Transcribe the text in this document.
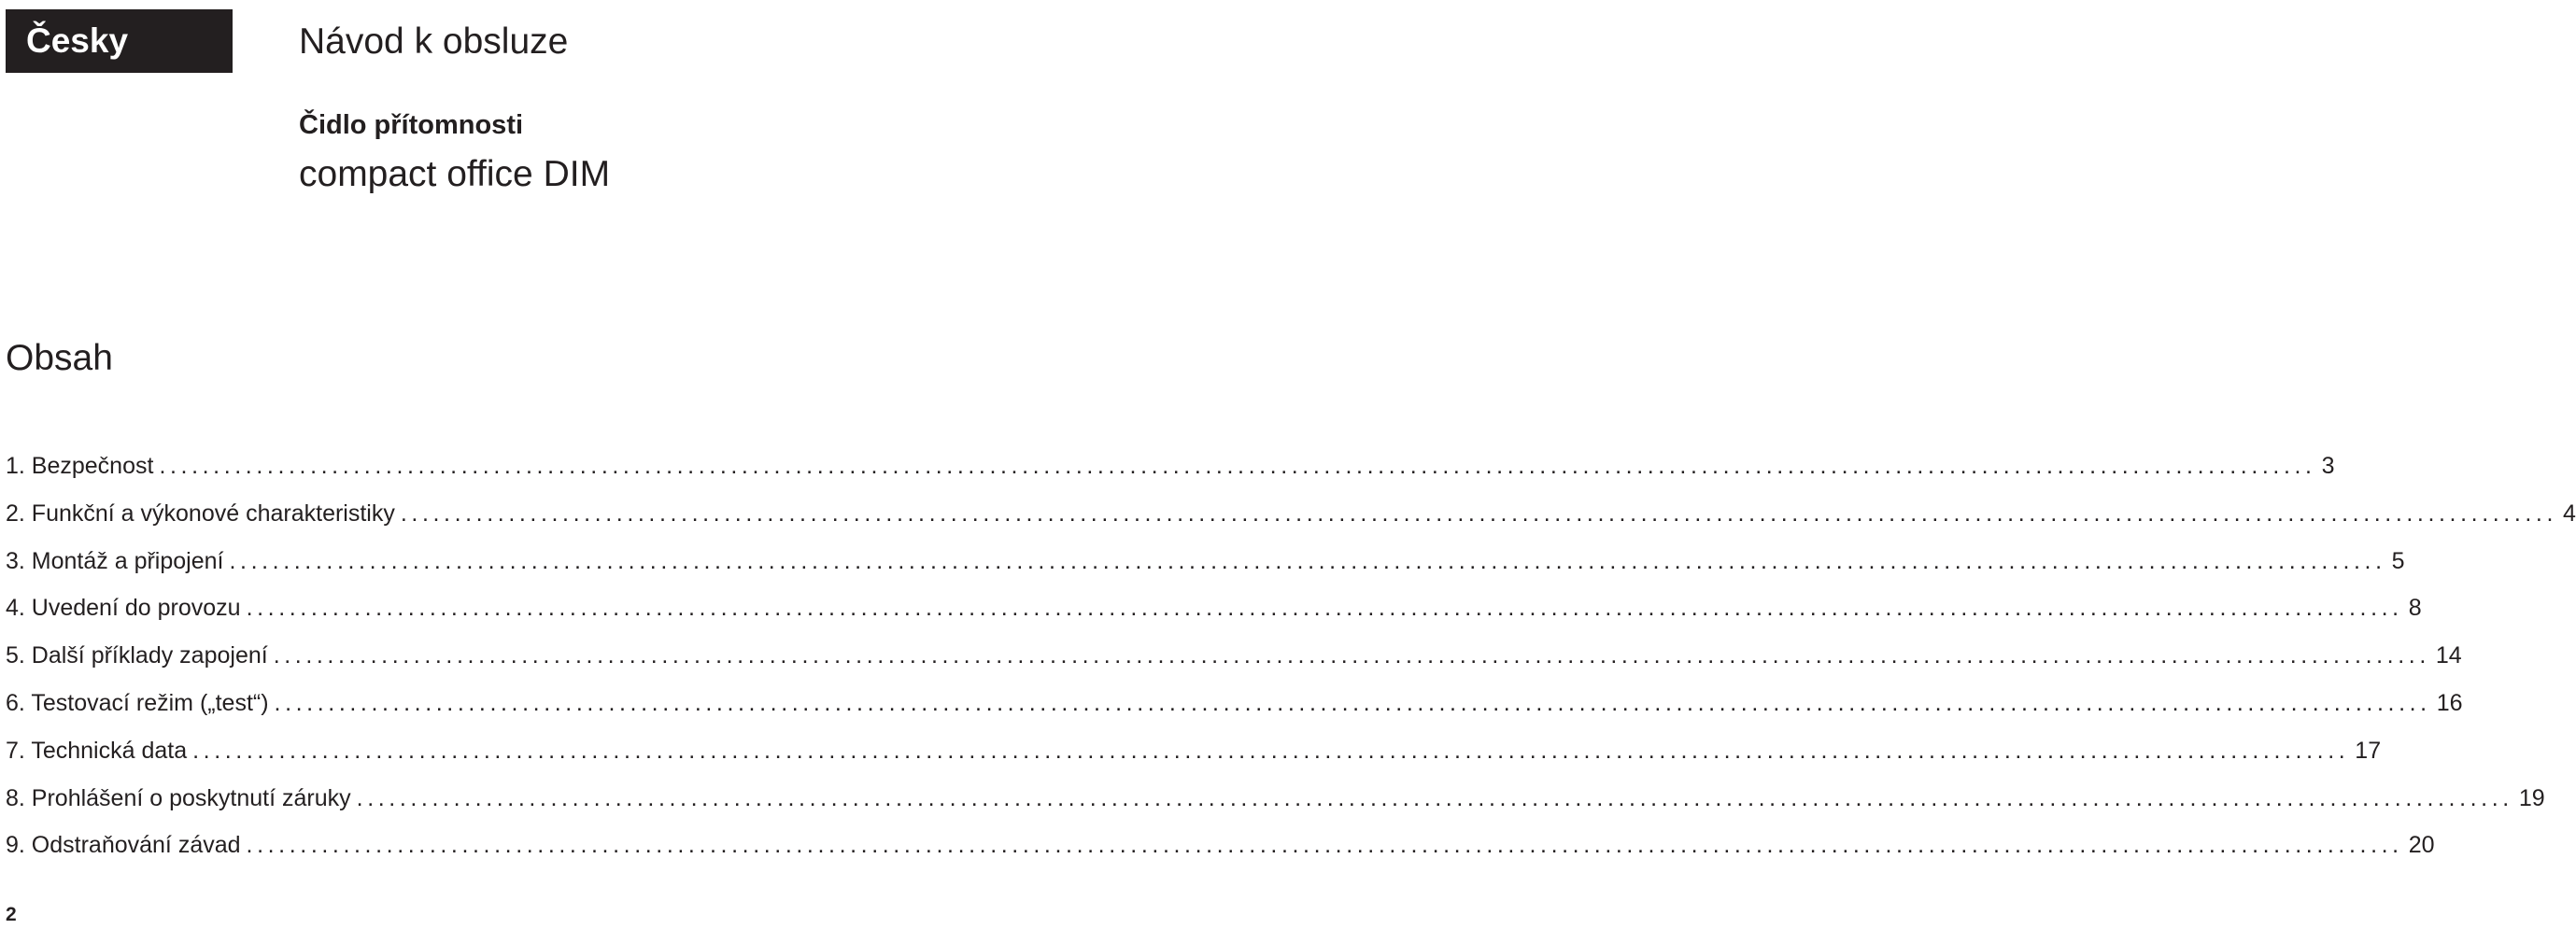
Česky	Návod k obsluze
Čidlo přítomnosti
compact office DIM
Obsah
1. Bezpečnost ........................................................................................................................................................................................................ 3
2. Funkční a výkonové charakteristiky ........................................................................................................................................................................................................ 4
3. Montáž a připojení ........................................................................................................................................................................................................ 5
4. Uvedení do provozu ........................................................................................................................................................................................................ 8
5. Další příklady zapojení ........................................................................................................................................................................................................ 14
6. Testovací režim („test“) ........................................................................................................................................................................................................ 16
7. Technická data ........................................................................................................................................................................................................ 17
8. Prohlášení o poskytnutí záruky ........................................................................................................................................................................................................ 19
9. Odstraňování závad ........................................................................................................................................................................................................ 20
2
